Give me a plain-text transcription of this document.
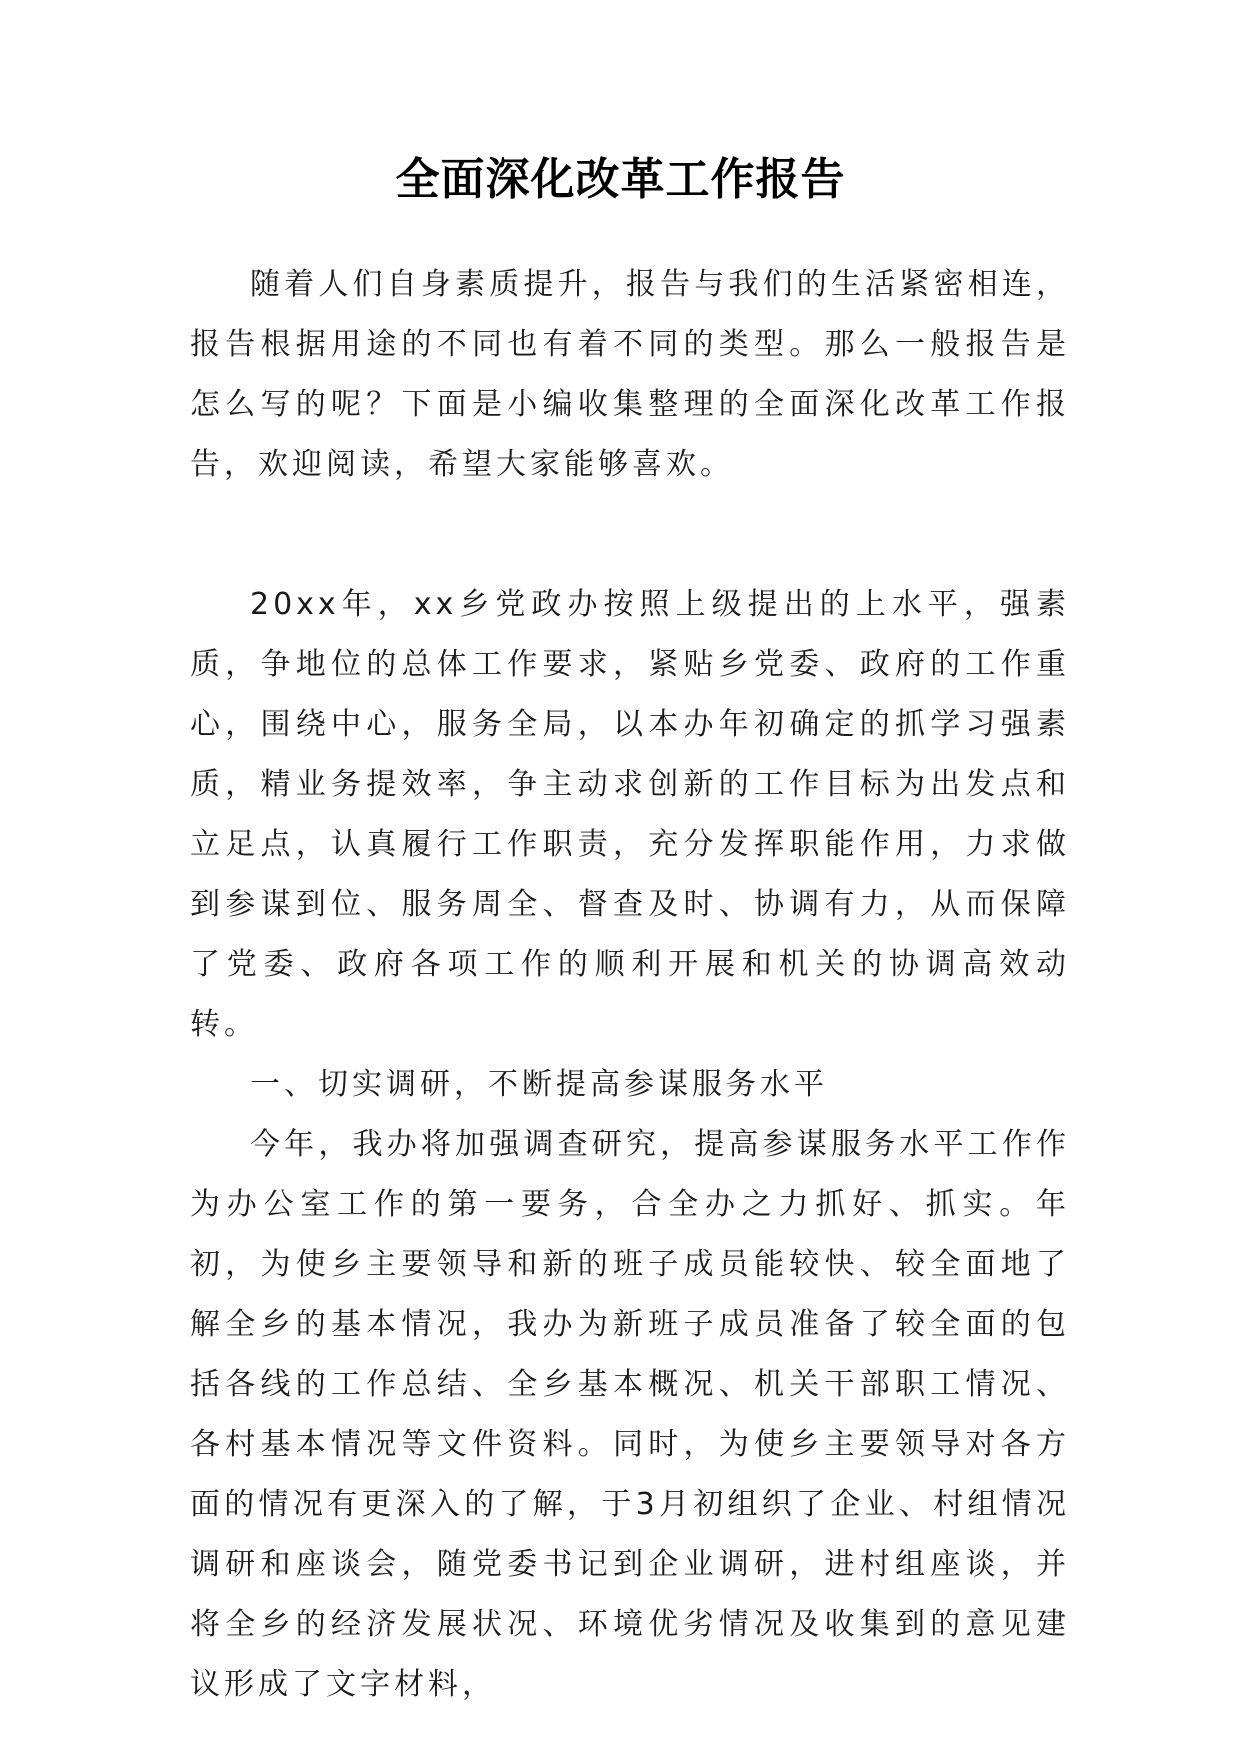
全面深化改革工作报告

随着人们自身素质提升，报告与我们的生活紧密相连，报告根据用途的不同也有着不同的类型。那么一般报告是怎么写的呢？下面是小编收集整理的全面深化改革工作报告，欢迎阅读，希望大家能够喜欢。

20xx年，xx乡党政办按照上级提出的上水平，强素质，争地位的总体工作要求，紧贴乡党委、政府的工作重心，围绕中心，服务全局，以本办年初确定的抓学习强素质，精业务提效率，争主动求创新的工作目标为出发点和立足点，认真履行工作职责，充分发挥职能作用，力求做到参谋到位、服务周全、督查及时、协调有力，从而保障了党委、政府各项工作的顺利开展和机关的协调高效动转。

一、切实调研，不断提高参谋服务水平

今年，我办将加强调查研究，提高参谋服务水平工作作为办公室工作的第一要务，合全办之力抓好、抓实。年初，为使乡主要领导和新的班子成员能较快、较全面地了解全乡的基本情况，我办为新班子成员准备了较全面的包括各线的工作总结、全乡基本概况、机关干部职工情况、各村基本情况等文件资料。同时，为使乡主要领导对各方面的情况有更深入的了解，于3月初组织了企业、村组情况调研和座谈会，随党委书记到企业调研，进村组座谈，并将全乡的经济发展状况、环境优劣情况及收集到的意见建议形成了文字材料，
